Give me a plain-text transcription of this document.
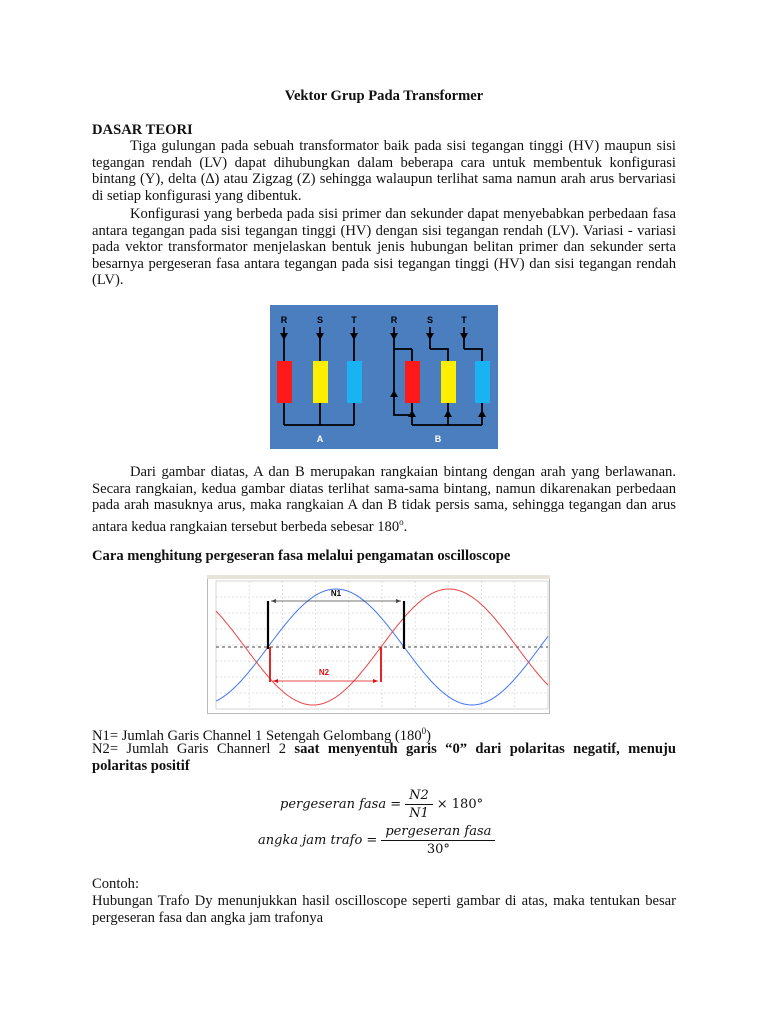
Vektor Grup Pada Transformer
DASAR TEORI
Tiga gulungan pada sebuah transformator baik pada sisi tegangan tinggi (HV) maupun sisi tegangan rendah (LV) dapat dihubungkan dalam beberapa cara untuk membentuk konfigurasi bintang (Y), delta (∆) atau Zigzag (Z) sehingga walaupun terlihat sama namun arah arus bervariasi di setiap konfigurasi yang dibentuk.
Konfigurasi yang berbeda pada sisi primer dan sekunder dapat menyebabkan perbedaan fasa antara tegangan pada sisi tegangan tinggi (HV) dengan sisi tegangan rendah (LV). Variasi - variasi pada vektor transformator menjelaskan bentuk jenis hubungan belitan primer dan sekunder serta besarnya pergeseran fasa antara tegangan pada sisi tegangan tinggi (HV) dan sisi tegangan rendah (LV).
R	S	T
A
R	S	T
B
Dari gambar diatas, A dan B merupakan rangkaian bintang dengan arah yang berlawanan. Secara rangkaian, kedua gambar diatas terlihat sama-sama bintang, namun dikarenakan perbedaan pada arah masuknya arus, maka rangkaian A dan B tidak persis sama, sehingga tegangan dan arus antara kedua rangkaian tersebut berbeda sebesar 180$^o$.
Cara menghitung pergeseran fasa melalui pengamatan oscilloscope
N1
N2
N1= Jumlah Garis Channel 1 Setengah Gelombang $(180^0)$
N2= Jumlah Garis Channerl 2 saat menyentuh garis “0” dari polaritas negatif, menuju polaritas positif
pergeseran fasa = $\frac{N2}{N1} \times 180^\circ$
angka jam trafo = $\frac{\text{pergeseran fasa}}{30^\circ}$
Contoh:
Hubungan Trafo Dy menunjukkan hasil oscilloscope seperti gambar di atas, maka tentukan besar pergeseran fasa dan angka jam trafonya
